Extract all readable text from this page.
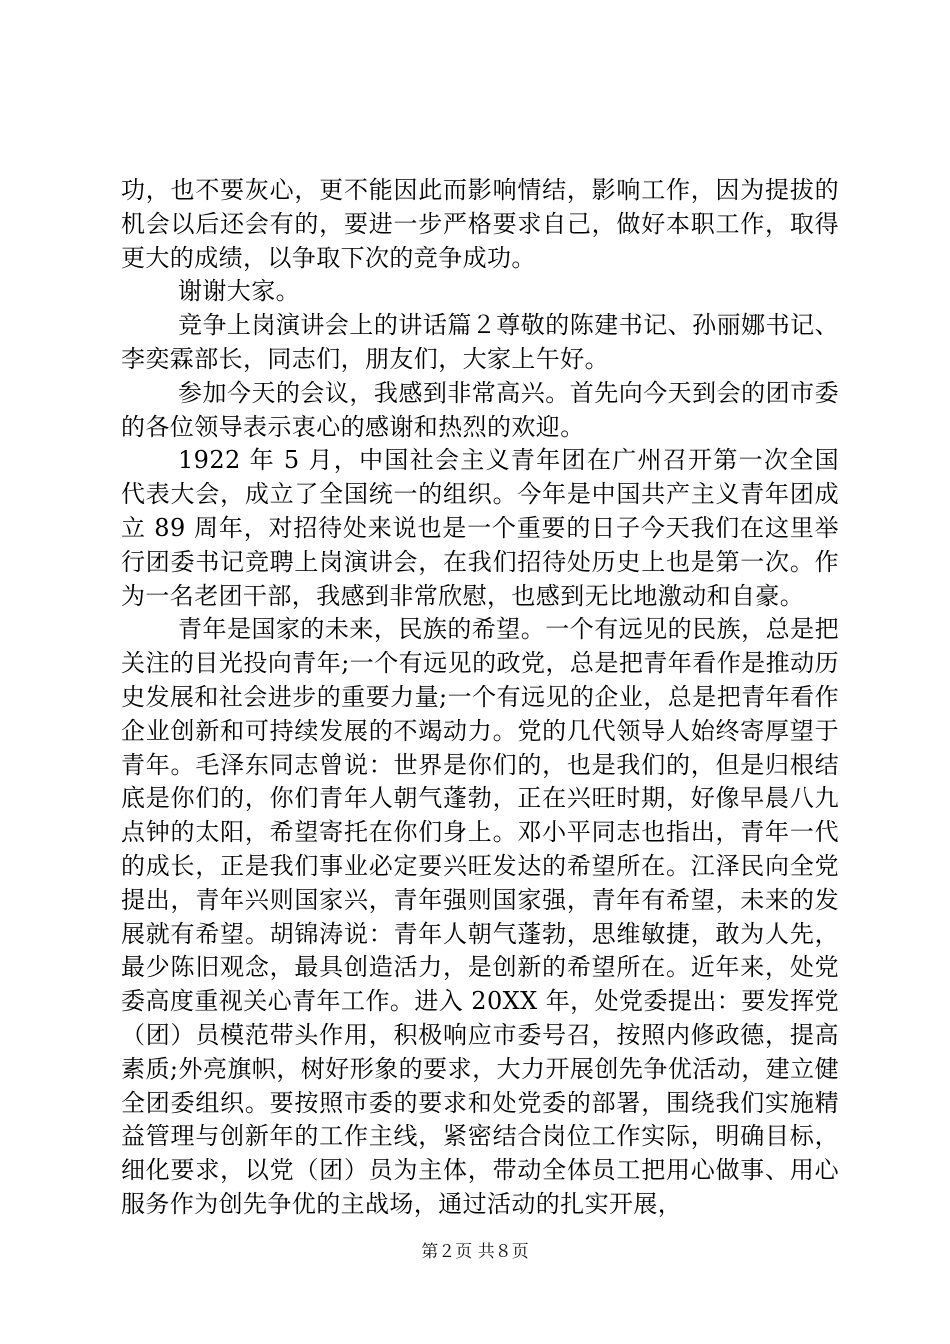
功，也不要灰心，更不能因此而影响情结，影响工作，因为提拔的机会以后还会有的，要进一步严格要求自己，做好本职工作，取得更大的成绩，以争取下次的竞争成功。

谢谢大家。

竞争上岗演讲会上的讲话篇２尊敬的陈建书记、孙丽娜书记、李奕霖部长，同志们，朋友们，大家上午好。

参加今天的会议，我感到非常高兴。首先向今天到会的团市委的各位领导表示衷心的感谢和热烈的欢迎。

1922 年 5 月，中国社会主义青年团在广州召开第一次全国代表大会，成立了全国统一的组织。今年是中国共产主义青年团成立 89 周年，对招待处来说也是一个重要的日子今天我们在这里举行团委书记竞聘上岗演讲会，在我们招待处历史上也是第一次。作为一名老团干部，我感到非常欣慰，也感到无比地激动和自豪。

青年是国家的未来，民族的希望。一个有远见的民族，总是把关注的目光投向青年;一个有远见的政党，总是把青年看作是推动历史发展和社会进步的重要力量;一个有远见的企业，总是把青年看作企业创新和可持续发展的不竭动力。党的几代领导人始终寄厚望于青年。毛泽东同志曾说：世界是你们的，也是我们的，但是归根结底是你们的，你们青年人朝气蓬勃，正在兴旺时期，好像早晨八九点钟的太阳，希望寄托在你们身上。邓小平同志也指出，青年一代的成长，正是我们事业必定要兴旺发达的希望所在。江泽民向全党提出，青年兴则国家兴，青年强则国家强，青年有希望，未来的发展就有希望。胡锦涛说：青年人朝气蓬勃，思维敏捷，敢为人先，最少陈旧观念，最具创造活力，是创新的希望所在。近年来，处党委高度重视关心青年工作。进入 20XX 年，处党委提出：要发挥党（团）员模范带头作用，积极响应市委号召，按照内修政德，提高素质;外亮旗帜，树好形象的要求，大力开展创先争优活动，建立健全团委组织。要按照市委的要求和处党委的部署，围绕我们实施精益管理与创新年的工作主线，紧密结合岗位工作实际，明确目标，细化要求，以党（团）员为主体，带动全体员工把用心做事、用心服务作为创先争优的主战场，通过活动的扎实开展，

第２页 共８页
